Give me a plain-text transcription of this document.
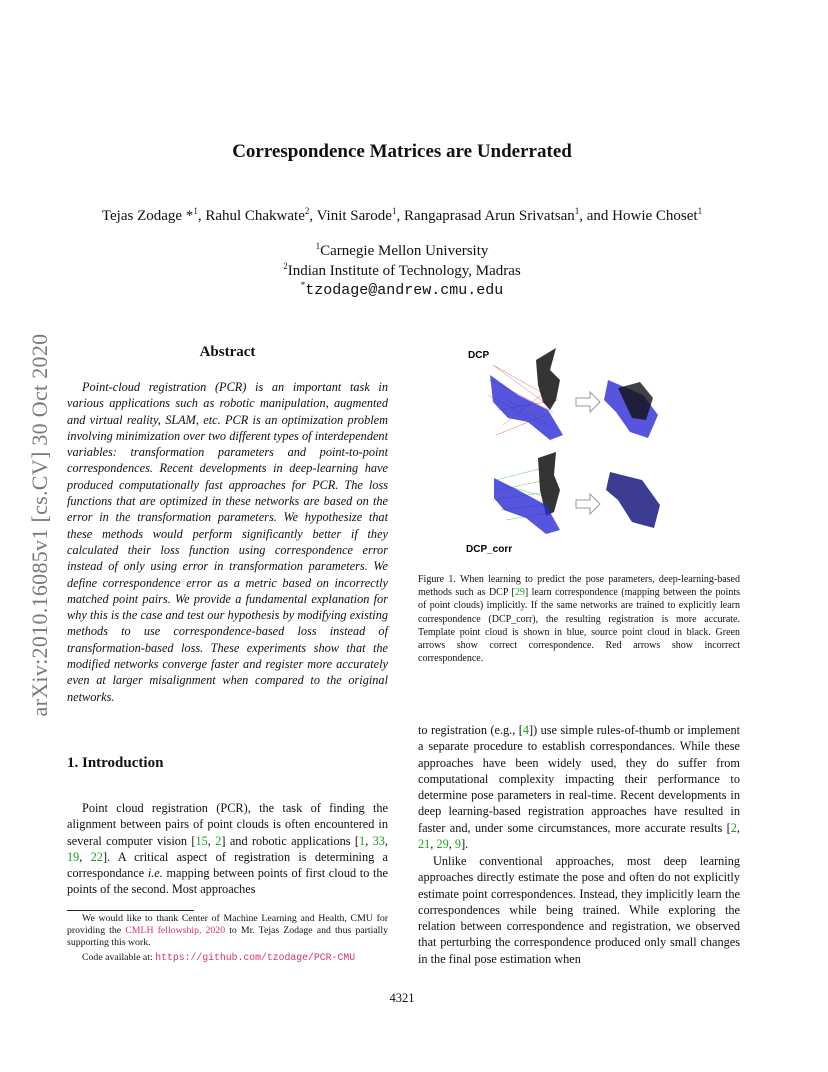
Correspondence Matrices are Underrated
Tejas Zodage *$^1$, Rahul Chakwate$^2$, Vinit Sarode$^1$, Rangaprasad Arun Srivatsan$^1$, and Howie Choset$^1$
$^1$Carnegie Mellon University
$^2$Indian Institute of Technology, Madras
*tzodage@andrew.cmu.edu
arXiv:2010.16085v1 [cs.CV] 30 Oct 2020	Abstract

Point-cloud registration (PCR) is an important task in various applications such as robotic manipulation, augmented and virtual reality, SLAM, etc. PCR is an optimization problem involving minimization over two different types of interdependent variables: transformation parameters and point-to-point correspondences. Recent developments in deep-learning have produced computationally fast approaches for PCR. The loss functions that are optimized in these networks are based on the error in the transformation parameters. We hypothesize that these methods would perform significantly better if they calculated their loss function using correspondence error instead of only using error in transformation parameters. We define correspondence error as a metric based on incorrectly matched point pairs. We provide a fundamental explanation for why this is the case and test our hypothesis by modifying existing methods to use correspondence-based loss instead of transformation-based loss. These experiments show that the modified networks converge faster and register more accurately even at larger misalignment when compared to the original networks.

1. Introduction

Point cloud registration (PCR), the task of finding the alignment between pairs of point clouds is often encountered in several computer vision [15, 2] and robotic applications [1, 33, 19, 22]. A critical aspect of registration is determining a correspondance i.e. mapping between points of first cloud to the points of the second. Most approaches

We would like to thank Center of Machine Learning and Health, CMU for providing the CMLH fellowship, 2020 to Mr. Tejas Zodage and thus partially supporting this work.

Code available at: https://github.com/tzodage/PCR-CMU

DCP
DCP_corr

Figure 1. When learning to predict the pose parameters, deep-learning-based methods such as DCP [29] learn correspondence (mapping between the points of point clouds) implicitly. If the same networks are trained to explicitly learn correspondence (DCP_corr), the resulting registration is more accurate. Template point cloud is shown in blue, source point cloud in black. Green arrows show correct correspondence. Red arrows show incorrect correspondence.

to registration (e.g., [4]) use simple rules-of-thumb or implement a separate procedure to establish correspondances. While these approaches have been widely used, they do suffer from computational complexity impacting their performance to determine pose parameters in real-time. Recent developments in deep learning-based registration approaches have resulted in faster and, under some circumstances, more accurate results [2, 21, 29, 9].

Unlike conventional approaches, most deep learning approaches directly estimate the pose and often do not explicitly estimate point correspondences. Instead, they implicitly learn the correspondences while being trained. While exploring the relation between correspondence and registration, we observed that perturbing the correspondence produced only small changes in the final pose estimation when

4321
